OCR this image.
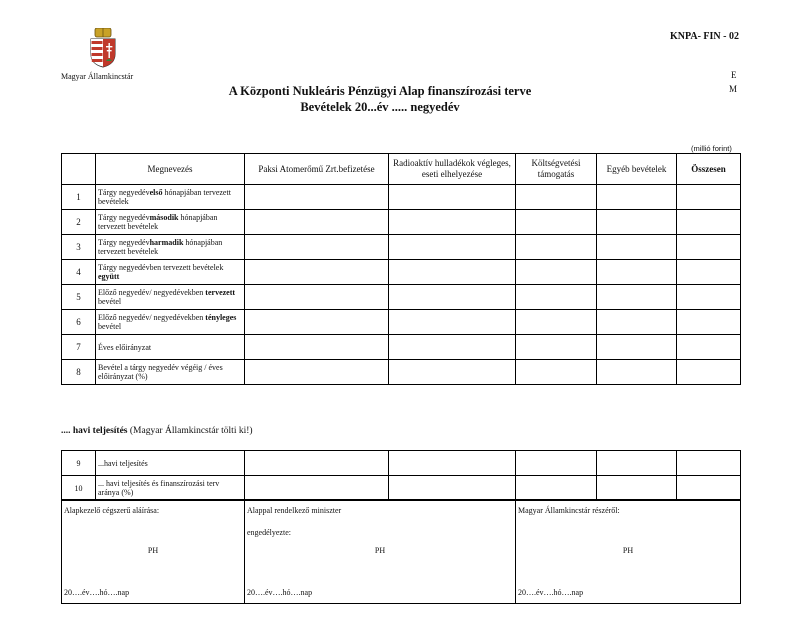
Magyar Államkincstár
KNPA- FIN - 02
E
M
A Központi Nukleáris Pénzügyi Alap finanszírozási terve
Bevételek 20...év ..... negyedév
(millió forint)
	Megnevezés	Paksi Atomerőmű Zrt.befizetése	Radioaktív hulladékok végleges, eseti elhelyezése	Költségvetési támogatás	Egyéb bevételek	Összesen
1	Tárgy negyedévelső hónapjában tervezett bevételek					
2	Tárgy negyedévmásodik hónapjában tervezett bevételek					
3	Tárgy negyedévharmadik hónapjában tervezett bevételek					
4	Tárgy negyedévben tervezett bevételek együtt					
5	Előző negyedév/ negyedévekben tervezett bevétel					
6	Előző negyedév/ negyedévekben tényleges bevétel					
7	Éves előirányzat					
8	Bevétel a tárgy negyedév végéig / éves előirányzat (%)					
.... havi teljesítés (Magyar Államkincstár tölti ki!)
9	...havi teljesítés					
10	... havi teljesítés és finanszírozási terv aránya (%)					
Alapkezelő cégszerű aláírása:
PH
20….év….hó….nap

Alappal rendelkező miniszter
engedélyezte:
PH
20….év….hó….nap

Magyar Államkincstár részéről:
PH
20….év….hó….nap
